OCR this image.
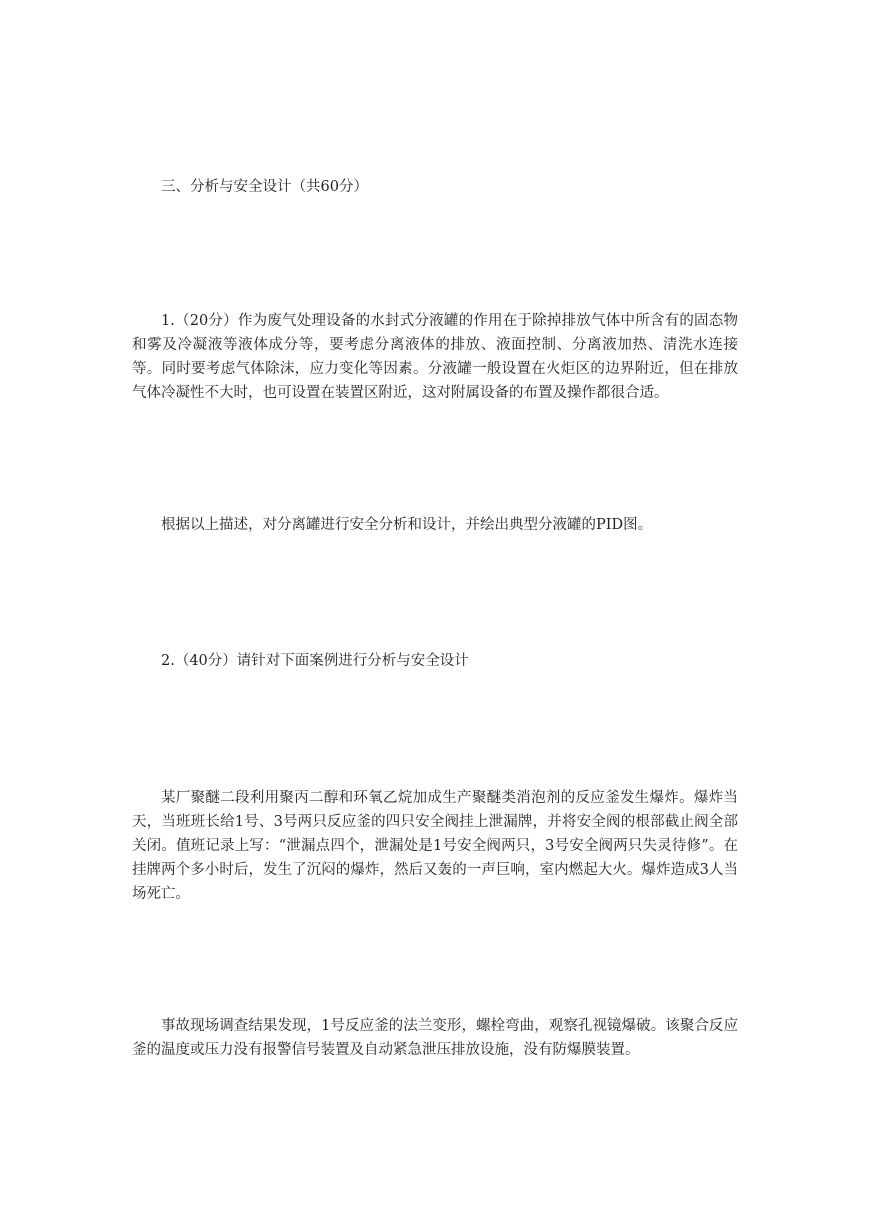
三、分析与安全设计（共60分）

1.（20分）作为废气处理设备的水封式分液罐的作用在于除掉排放气体中所含有的固态物和雾及冷凝液等液体成分等，要考虑分离液体的排放、液面控制、分离液加热、清洗水连接等。同时要考虑气体除沫，应力变化等因素。分液罐一般设置在火炬区的边界附近，但在排放气体冷凝性不大时，也可设置在装置区附近，这对附属设备的布置及操作都很合适。

根据以上描述，对分离罐进行安全分析和设计，并绘出典型分液罐的PID图。

2.（40分）请针对下面案例进行分析与安全设计

某厂聚醚二段利用聚丙二醇和环氧乙烷加成生产聚醚类消泡剂的反应釜发生爆炸。爆炸当天，当班班长给1号、3号两只反应釜的四只安全阀挂上泄漏牌，并将安全阀的根部截止阀全部关闭。值班记录上写：“泄漏点四个，泄漏处是1号安全阀两只，3号安全阀两只失灵待修”。在挂牌两个多小时后，发生了沉闷的爆炸，然后又轰的一声巨响，室内燃起大火。爆炸造成3人当场死亡。

事故现场调查结果发现，1号反应釜的法兰变形，螺栓弯曲，观察孔视镜爆破。该聚合反应釜的温度或压力没有报警信号装置及自动紧急泄压排放设施，没有防爆膜装置。
